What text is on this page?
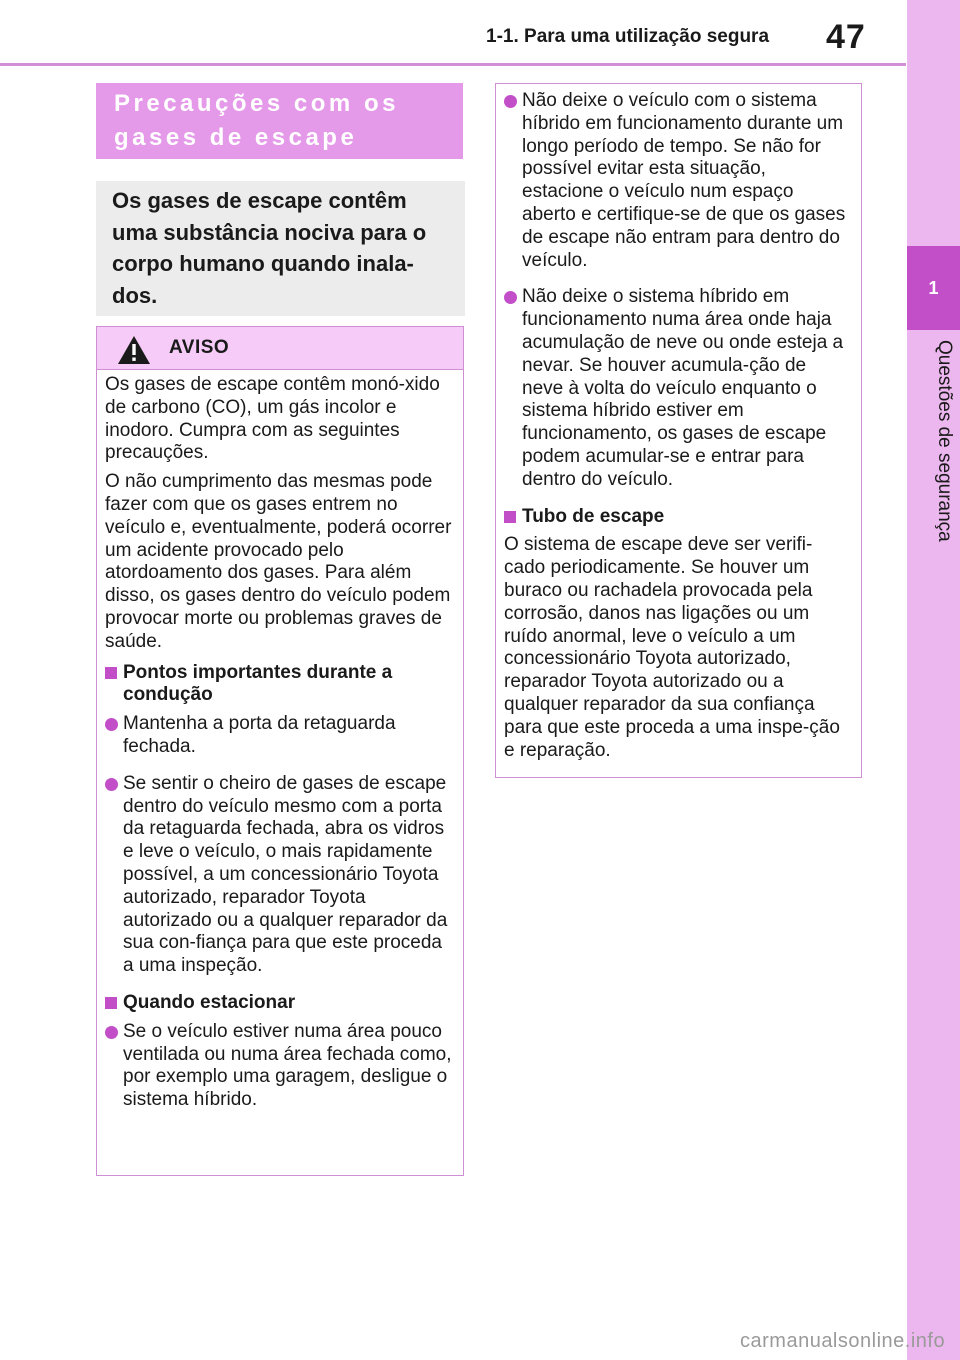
1-1. Para uma utilização segura 47
1
Questões de segurança
Precauções com os
gases de escape

Os gases de escape contêm

uma substância nociva para o

corpo humano quando inala-

dos.

AVISO

Os gases de escape contêm monó-xido de carbono (CO), um gás incolor e inodoro. Cumpra com as seguintes precauções.

O não cumprimento das mesmas pode fazer com que os gases entrem no veículo e, eventualmente, poderá ocorrer um acidente provocado pelo atordoamento dos gases. Para além disso, os gases dentro do veículo podem provocar morte ou problemas graves de saúde.

Pontos importantes durante a condução
Mantenha a porta da retaguarda fechada.
Se sentir o cheiro de gases de escape dentro do veículo mesmo com a porta da retaguarda fechada, abra os vidros e leve o veículo, o mais rapidamente possível, a um concessionário Toyota autorizado, reparador Toyota autorizado ou a qualquer reparador da sua con-fiança para que este proceda a uma inspeção.
Quando estacionar
Se o veículo estiver numa área pouco ventilada ou numa área fechada como, por exemplo uma garagem, desligue o sistema híbrido.
Não deixe o veículo com o sistema híbrido em funcionamento durante um longo período de tempo. Se não for possível evitar esta situação, estacione o veículo num espaço aberto e certifique-se de que os gases de escape não entram para dentro do veículo.
Não deixe o sistema híbrido em funcionamento numa área onde haja acumulação de neve ou onde esteja a nevar. Se houver acumula-ção de neve à volta do veículo enquanto o sistema híbrido estiver em funcionamento, os gases de escape podem acumular-se e entrar para dentro do veículo.
Tubo de escape

O sistema de escape deve ser verifi-cado periodicamente. Se houver um buraco ou rachadela provocada pela corrosão, danos nas ligações ou um ruído anormal, leve o veículo a um concessionário Toyota autorizado, reparador Toyota autorizado ou a qualquer reparador da sua confiança para que este proceda a uma inspe-ção e reparação.

carmanualsonline.info
